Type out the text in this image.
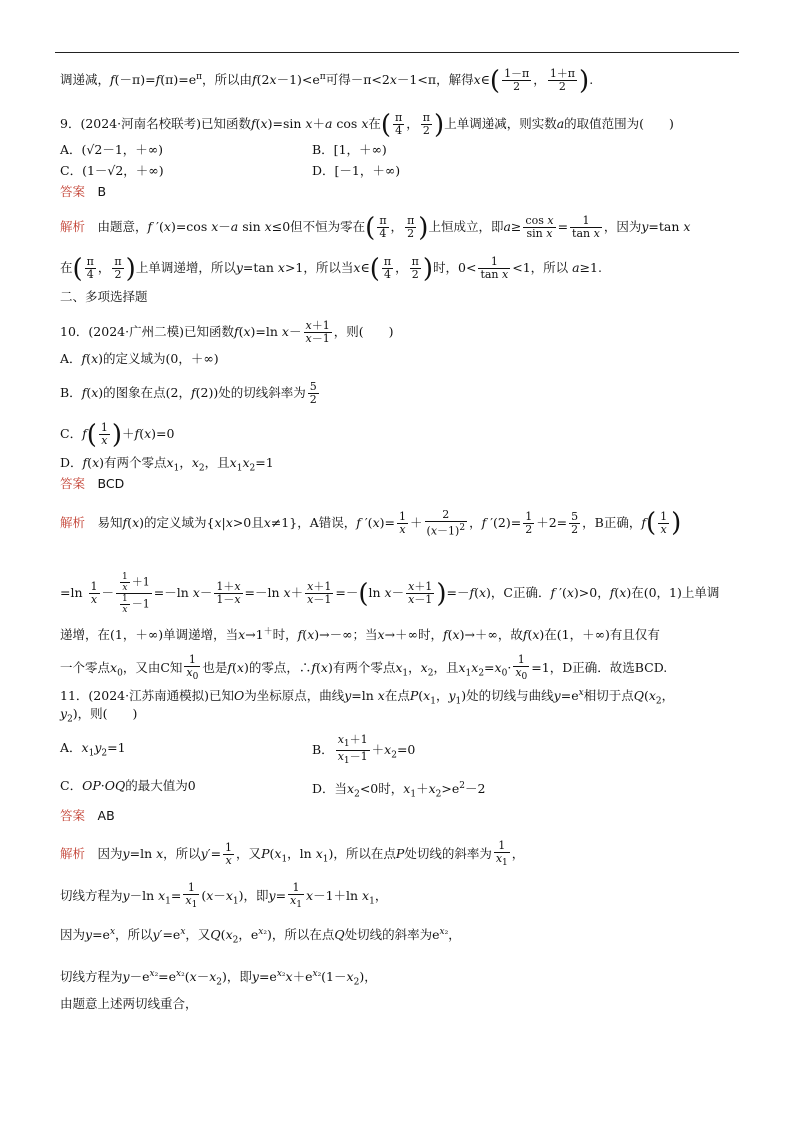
调递减，$f(-\pi)=f(\pi)=e^\pi$，所以由$f(2x-1)<e^\pi$可得－π<2x－1<π，解得x∈( $\frac{1-\pi}{2}$ ， $\frac{1+\pi}{2}$ ).
9．(2024·河南名校联考)已知函数f(x)=sin x＋a cos x在( $\frac{\pi}{4}$ ， $\frac{\pi}{2}$ )上单调递减，则实数a的取值范围为(　　)
A．(√2－1，＋∞)	B．[1，＋∞)
C．(1－√2，＋∞)	D．[－1，＋∞)
答案　 B
解析　由题意，f ′(x)=cos x－a sin x≤0但不恒为零在( $\frac{\pi}{4}$ ， $\frac{\pi}{2}$ )上恒成立，即$a\ge \frac{\text{cos x}}{\text{sin x}} = \frac{1}{\text{tan x}}$ ，因为y=tan x
在( $\frac{\pi}{4}$ ， $\frac{\pi}{2}$ )上单调递增，所以y=tan x>1，所以当x∈( $\frac{\pi}{4}$ ， $\frac{\pi}{2}$ )时，$0< \frac{1}{\text{tan x}} <1$，所以 a≥1.
二、多项选择题
10．(2024·广州二模)已知函数f(x)=ln $x- \frac{x+1}{x-1}$ ，则(　　)
A．f(x)的定义域为(0，＋∞)
B．f(x)的图象在点(2，f(2))处的切线斜率为 $\frac{5}{2}$
C．$f( \frac{1}{x} )+f(x)=0$
D．f(x)有两个零点$x_1$，$x_2$，且$x_1x_2=1$
答案　 BCD
解析　易知f(x)的定义域为{x|x>0且x≠1}，A错误，f $'(x)= \frac{1}{x} + \frac{2}{(x-1)^2}$ ，f $'(2)= \frac{1}{2} +2= \frac{5}{2}$ ，B正确，$f( \frac{1}{x}$ )
$=\ln \frac{1}{x} - \frac{\frac{1}{x} +1}{\frac{1}{x} -1} =-\ln$ $x- \frac{1+x}{1-x} =-\ln$ $x+ \frac{x+1}{x-1} =-(\ln$ $x- \frac{x+1}{x-1} )=-f(x)$，C正确．f ′(x)>0，f(x)在(0，1)上单调
递增，在(1，＋∞)单调递增，当x→1＋时，f(x)→－∞；当x→＋∞时，f(x)→＋∞，故f(x)在(1，＋∞)有且仅有
一个零点$x_0$，又由C知 $\frac{1}{x_0}$ 也是f(x)的零点，∴f(x)有两个零点$x_1$，$x_2$，且$x_1x_2=x_0\cdot \frac{1}{x_0} =1$，D正确．故选BCD.
11．(2024·江苏南通模拟)已知O为坐标原点，曲线y=ln x在点$P(x_1$，$y_1$)处的切线与曲线$y=e^x$相切于点$Q(x_2$，
$y_2$)，则(　　)
A．$x_1y_2=1$	B． $\frac{x_1+1}{x_1-1} +x_2=0$
C．OP·OQ的最大值为0	D．当$x_2<0$时，$x_1+x_2>e^2-2$
答案　 AB
解析　因为y=ln x，所以$y'= \frac{1}{x}$ ，又$P(x_1$，$\ln x_1$)，所以在点P处切线的斜率为 $\frac{1}{x_1}$ ，
切线方程为y－ln $x_1= \frac{1}{x_1} (x-x_1)$，即$y= \frac{1}{x_1} x-1+\ln$ $x_1$，
因为$y=e^x$，所以$y'=e^x$，又$Q(x_2$，$e^{x_2}$)，所以在点Q处切线的斜率为$e^{x_2}$，
切线方程为$y-e^{x_2}=e^{x_2}(x-x_2)$，即$y=e^{x_2}x+e^{x_2}(1-x_2)$，
由题意上述两切线重合，
